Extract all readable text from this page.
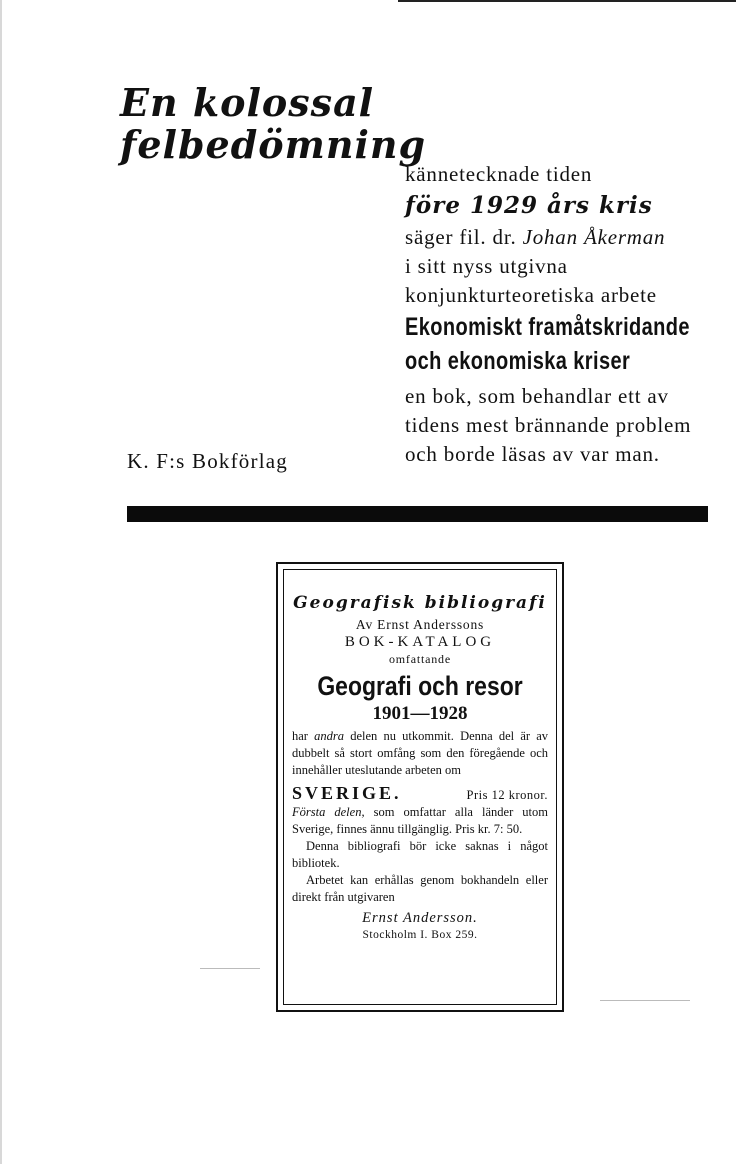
En kolossal
felbedömning
kännetecknade tiden
före 1929 års kris
säger fil. dr. Johan Åkerman
i sitt nyss utgivna
konjunkturteoretiska arbete
Ekonomiskt framåtskridande
och ekonomiska kriser
en bok, som behandlar ett av
tidens mest brännande problem
och borde läsas av var man.
K. F:s Bokförlag
Geografisk bibliografi
Av Ernst Anderssons
BOK-KATALOG
omfattande
Geografi och resor
1901—1928
har andra delen nu utkommit. Denna del är av dubbelt så stort omfång som den föregående och innehåller uteslutande arbeten om
SVERIGE.	Pris 12 kronor.
Första delen, som omfattar alla länder utom Sverige, finnes ännu tillgänglig. Pris kr. 7: 50.
Denna bibliografi bör icke saknas i något bibliotek.
Arbetet kan erhållas genom bokhandeln eller direkt från utgivaren
Ernst Andersson.
Stockholm I. Box 259.
